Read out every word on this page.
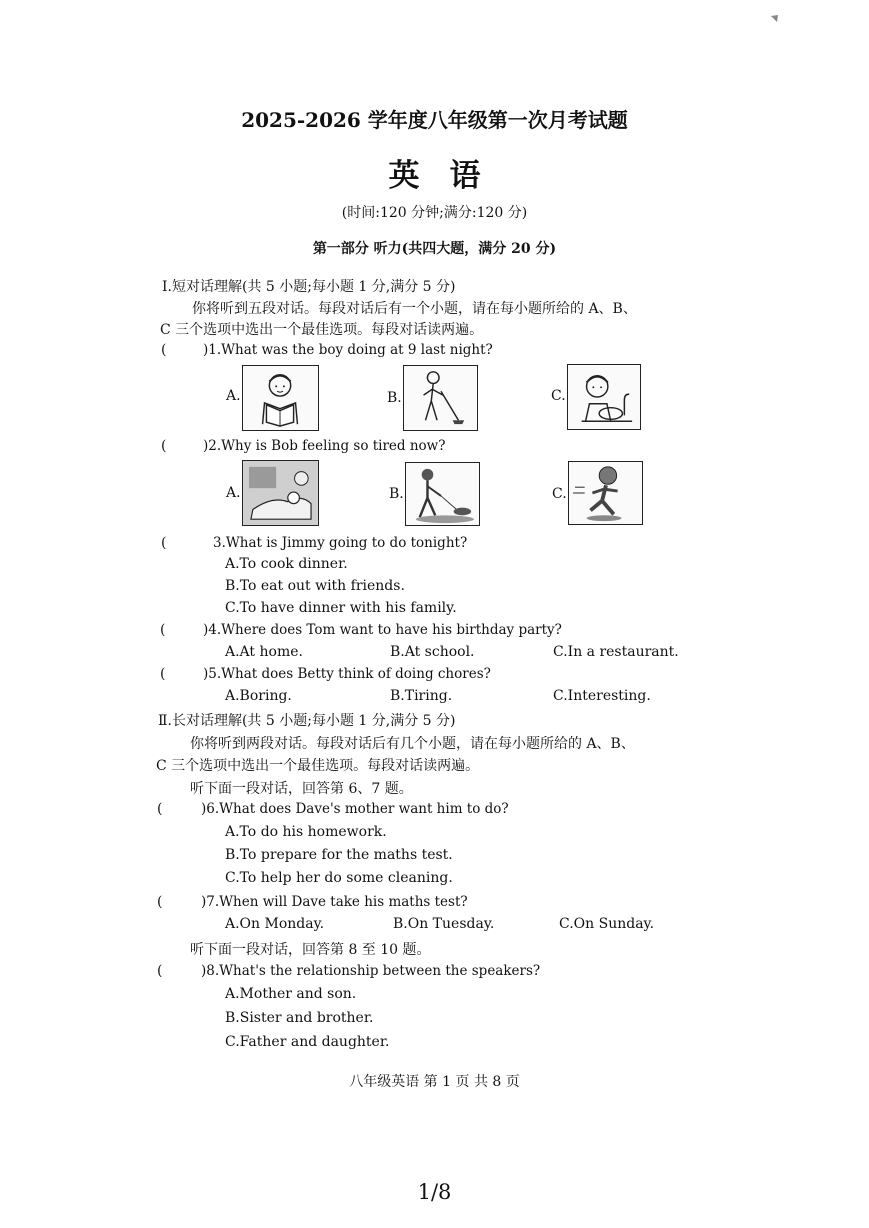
2025-2026 学年度八年级第一次月考试题
英语
(时间:120 分钟;满分:120 分)
第一部分 听力(共四大题，满分 20 分)
Ⅰ.短对话理解(共 5 小题;每小题 1 分,满分 5 分)
你将听到五段对话。每段对话后有一个小题，请在每小题所给的 A、B、
C 三个选项中选出一个最佳选项。每段对话读两遍。
(	)1.What was the boy doing at 9 last night?
A.	B.	C.
(	)2.Why is Bob feeling so tired now?
A.	B.	C.
(	3.What is Jimmy going to do tonight?
A.To cook dinner.
B.To eat out with friends.
C.To have dinner with his family.
(	)4.Where does Tom want to have his birthday party?
A.At home.	B.At school.	C.In a restaurant.
(	)5.What does Betty think of doing chores?
A.Boring.	B.Tiring.	C.Interesting.
Ⅱ.长对话理解(共 5 小题;每小题 1 分,满分 5 分)
你将听到两段对话。每段对话后有几个小题，请在每小题所给的 A、B、
C 三个选项中选出一个最佳选项。每段对话读两遍。
听下面一段对话，回答第 6、7 题。
(	)6.What does Dave's mother want him to do?
A.To do his homework.
B.To prepare for the maths test.
C.To help her do some cleaning.
(	)7.When will Dave take his maths test?
A.On Monday.	B.On Tuesday.	C.On Sunday.
听下面一段对话，回答第 8 至 10 题。
(	)8.What's the relationship between the speakers?
A.Mother and son.
B.Sister and brother.
C.Father and daughter.
八年级英语 第 1 页 共 8 页
1/8
